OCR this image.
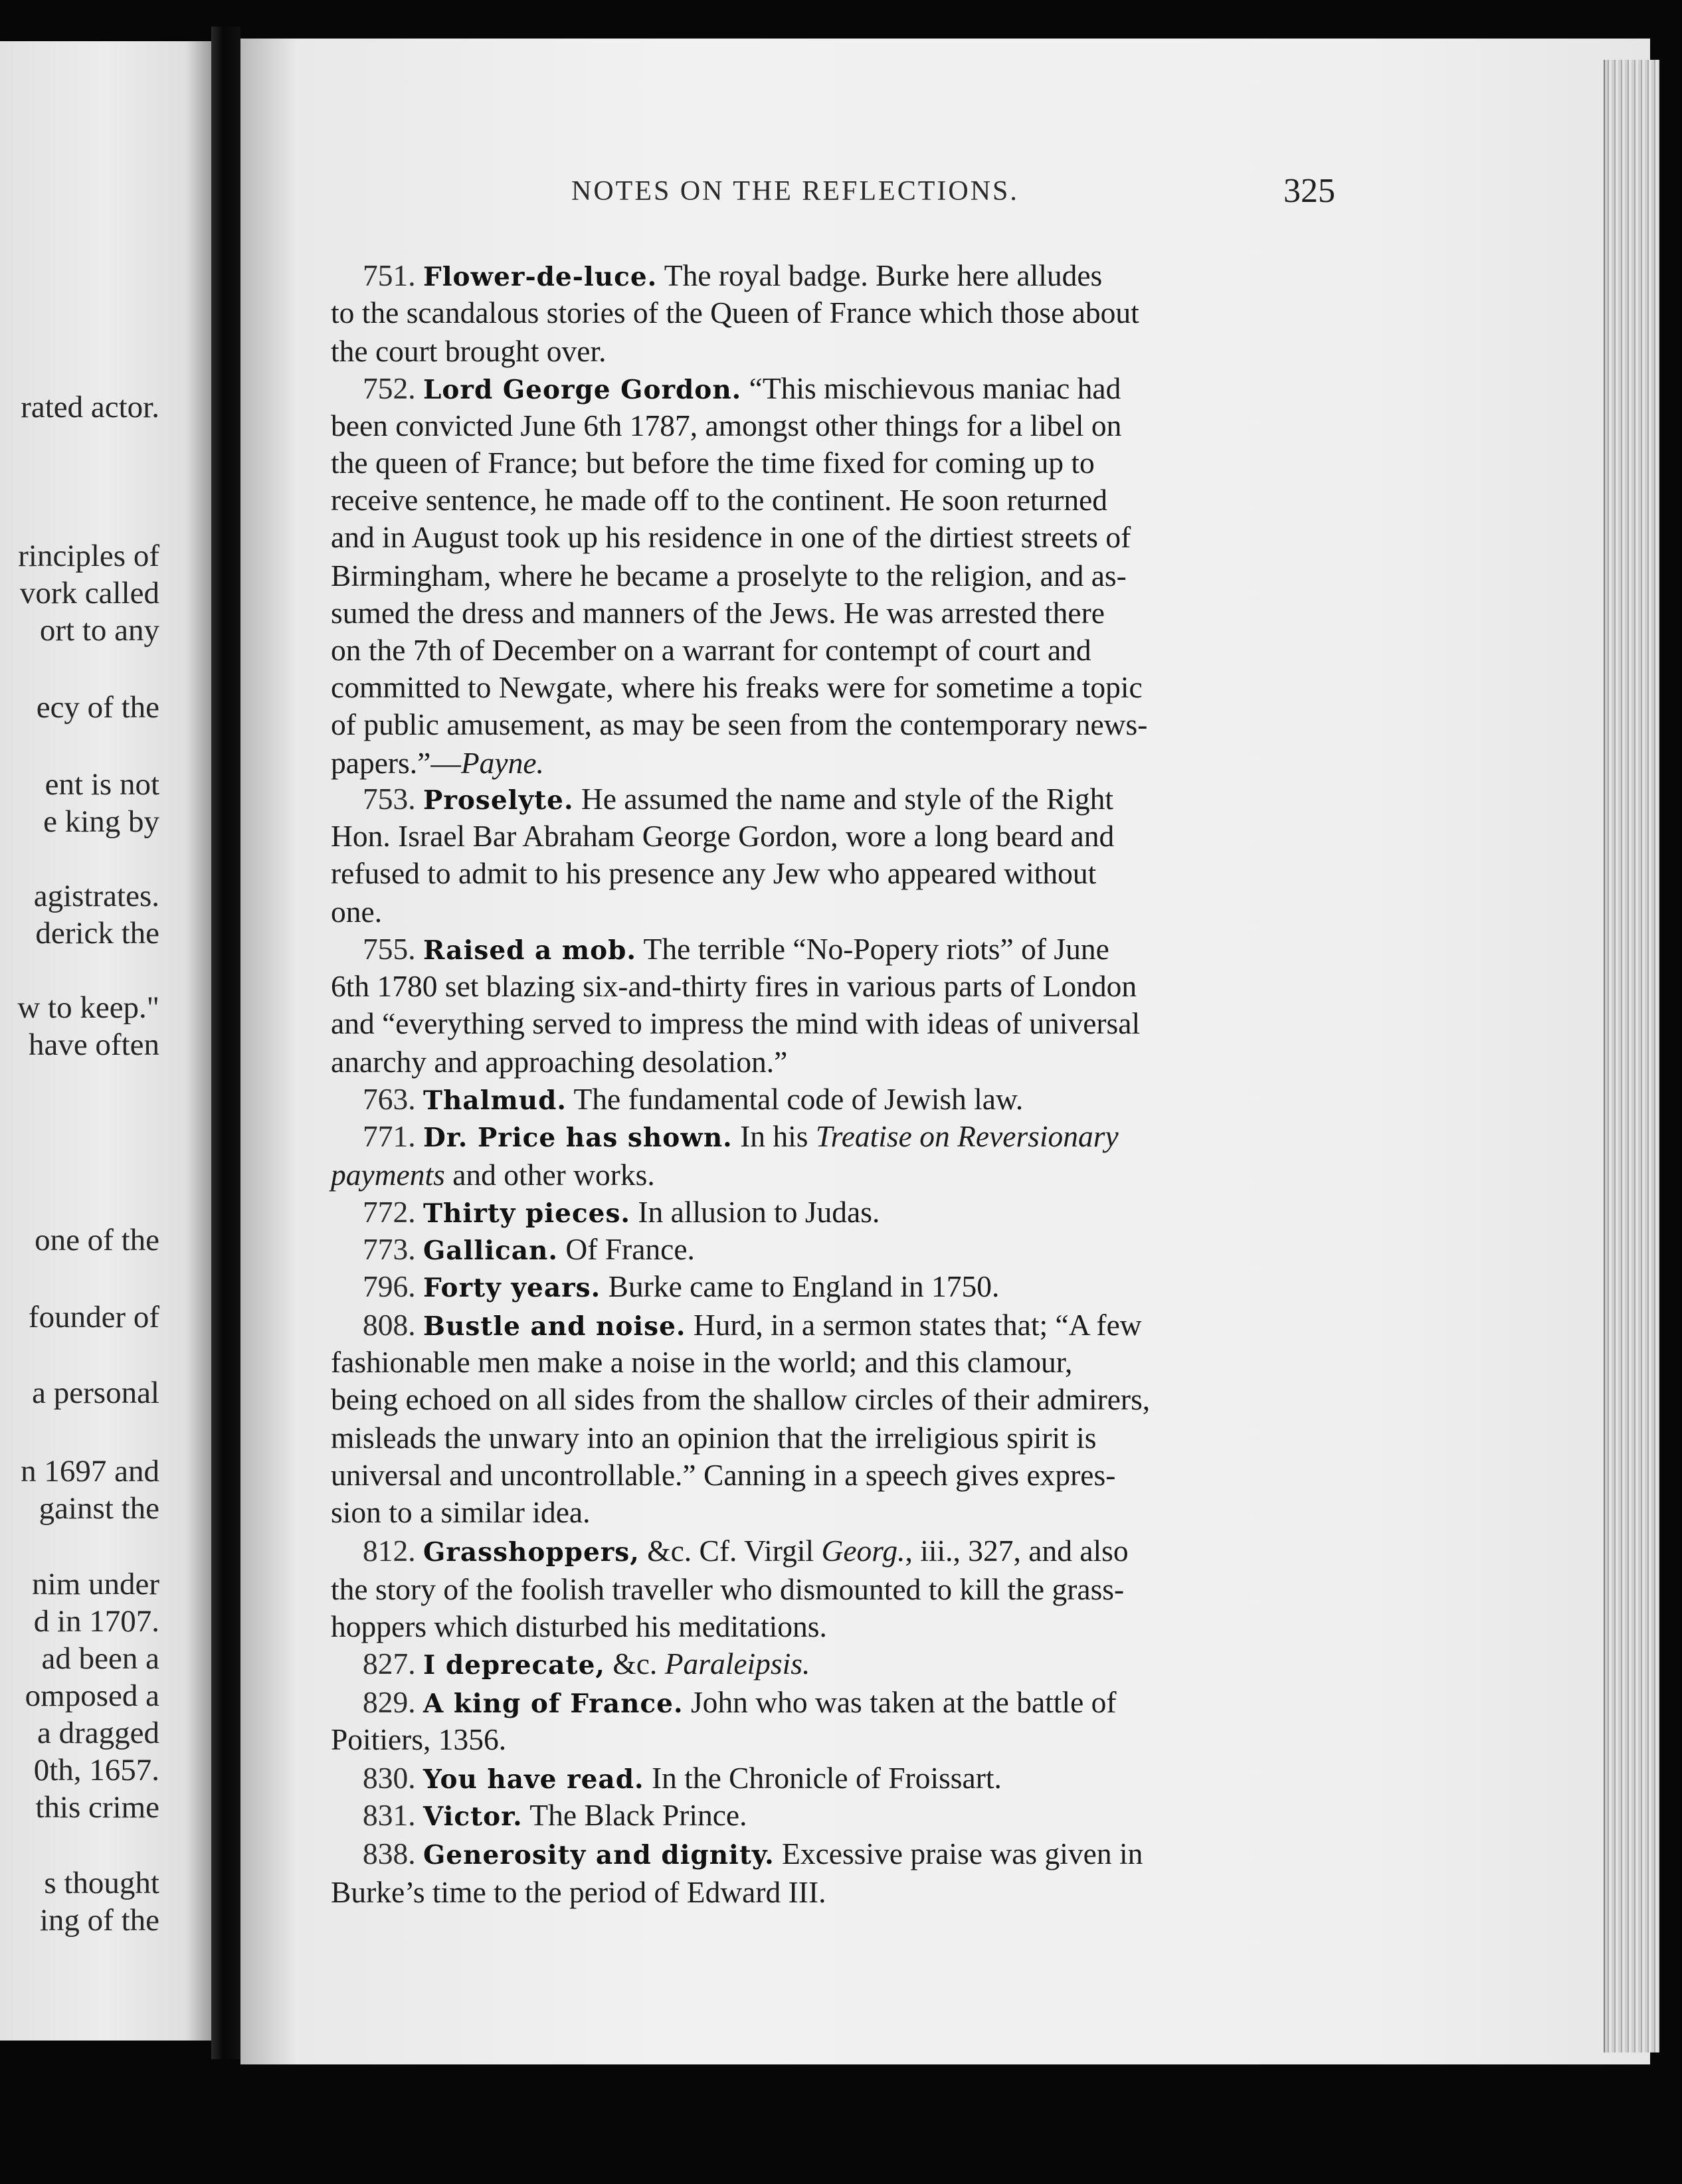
rated actor.
rinciples of
vork called
ort to any
ecy of the
ent is not
e king by
agistrates.
derick the
w to keep."
have often
one of the
founder of
a personal
n 1697 and
gainst the
nim under
d in 1707.
ad been a
omposed a
a dragged
0th, 1657.
this crime
s thought
ing of the
NOTES ON THE REFLECTIONS.	325
751. Flower-de-luce. The royal badge. Burke here alludes
to the scandalous stories of the Queen of France which those about
the court brought over.
752. Lord George Gordon. “This mischievous maniac had
been convicted June 6th 1787, amongst other things for a libel on
the queen of France; but before the time fixed for coming up to
receive sentence, he made off to the continent. He soon returned
and in August took up his residence in one of the dirtiest streets of
Birmingham, where he became a proselyte to the religion, and as-
sumed the dress and manners of the Jews. He was arrested there
on the 7th of December on a warrant for contempt of court and
committed to Newgate, where his freaks were for sometime a topic
of public amusement, as may be seen from the contemporary news-
papers.”—Payne.
753. Proselyte. He assumed the name and style of the Right
Hon. Israel Bar Abraham George Gordon, wore a long beard and
refused to admit to his presence any Jew who appeared without
one.
755. Raised a mob. The terrible “No-Popery riots” of June
6th 1780 set blazing six-and-thirty fires in various parts of London
and “everything served to impress the mind with ideas of universal
anarchy and approaching desolation.”
763. Thalmud. The fundamental code of Jewish law.
771. Dr. Price has shown. In his Treatise on Reversionary
payments and other works.
772. Thirty pieces. In allusion to Judas.
773. Gallican. Of France.
796. Forty years. Burke came to England in 1750.
808. Bustle and noise. Hurd, in a sermon states that; “A few
fashionable men make a noise in the world; and this clamour,
being echoed on all sides from the shallow circles of their admirers,
misleads the unwary into an opinion that the irreligious spirit is
universal and uncontrollable.” Canning in a speech gives expres-
sion to a similar idea.
812. Grasshoppers, &c. Cf. Virgil Georg., iii., 327, and also
the story of the foolish traveller who dismounted to kill the grass-
hoppers which disturbed his meditations.
827. I deprecate, &c. Paraleipsis.
829. A king of France. John who was taken at the battle of
Poitiers, 1356.
830. You have read. In the Chronicle of Froissart.
831. Victor. The Black Prince.
838. Generosity and dignity. Excessive praise was given in
Burke’s time to the period of Edward III.
